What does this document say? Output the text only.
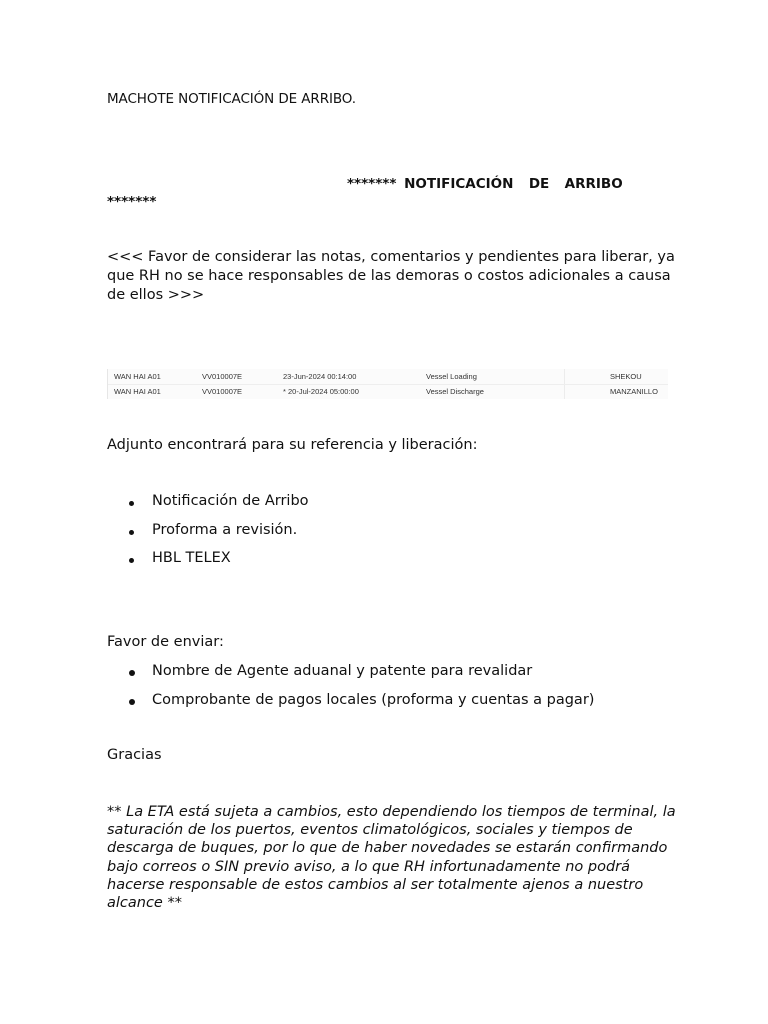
MACHOTE NOTIFICACIÓN DE ARRIBO.
******* NOTIFICACIÓN  DE  ARRIBO
*******
<<< Favor de considerar las notas, comentarios y pendientes para liberar, ya
que RH no se hace responsables de las demoras o costos adicionales a causa
de ellos >>>
WAN HAI A01	VV010007E	23-Jun-2024 00:14:00	Vessel Loading	SHEKOU
WAN HAI A01	VV010007E	* 20-Jul-2024 05:00:00	Vessel Discharge	MANZANILLO
Adjunto encontrará para su referencia y liberación:
Notificación de Arribo
Proforma a revisión.
HBL TELEX
Favor de enviar:
Nombre de Agente aduanal y patente para revalidar
Comprobante de pagos locales (proforma y cuentas a pagar)
Gracias
** La ETA está sujeta a cambios, esto dependiendo los tiempos de terminal, la
saturación de los puertos, eventos climatológicos, sociales y tiempos de
descarga de buques, por lo que de haber novedades se estarán confirmando
bajo correos o SIN previo aviso, a lo que RH infortunadamente no podrá
hacerse responsable de estos cambios al ser totalmente ajenos a nuestro
alcance **
